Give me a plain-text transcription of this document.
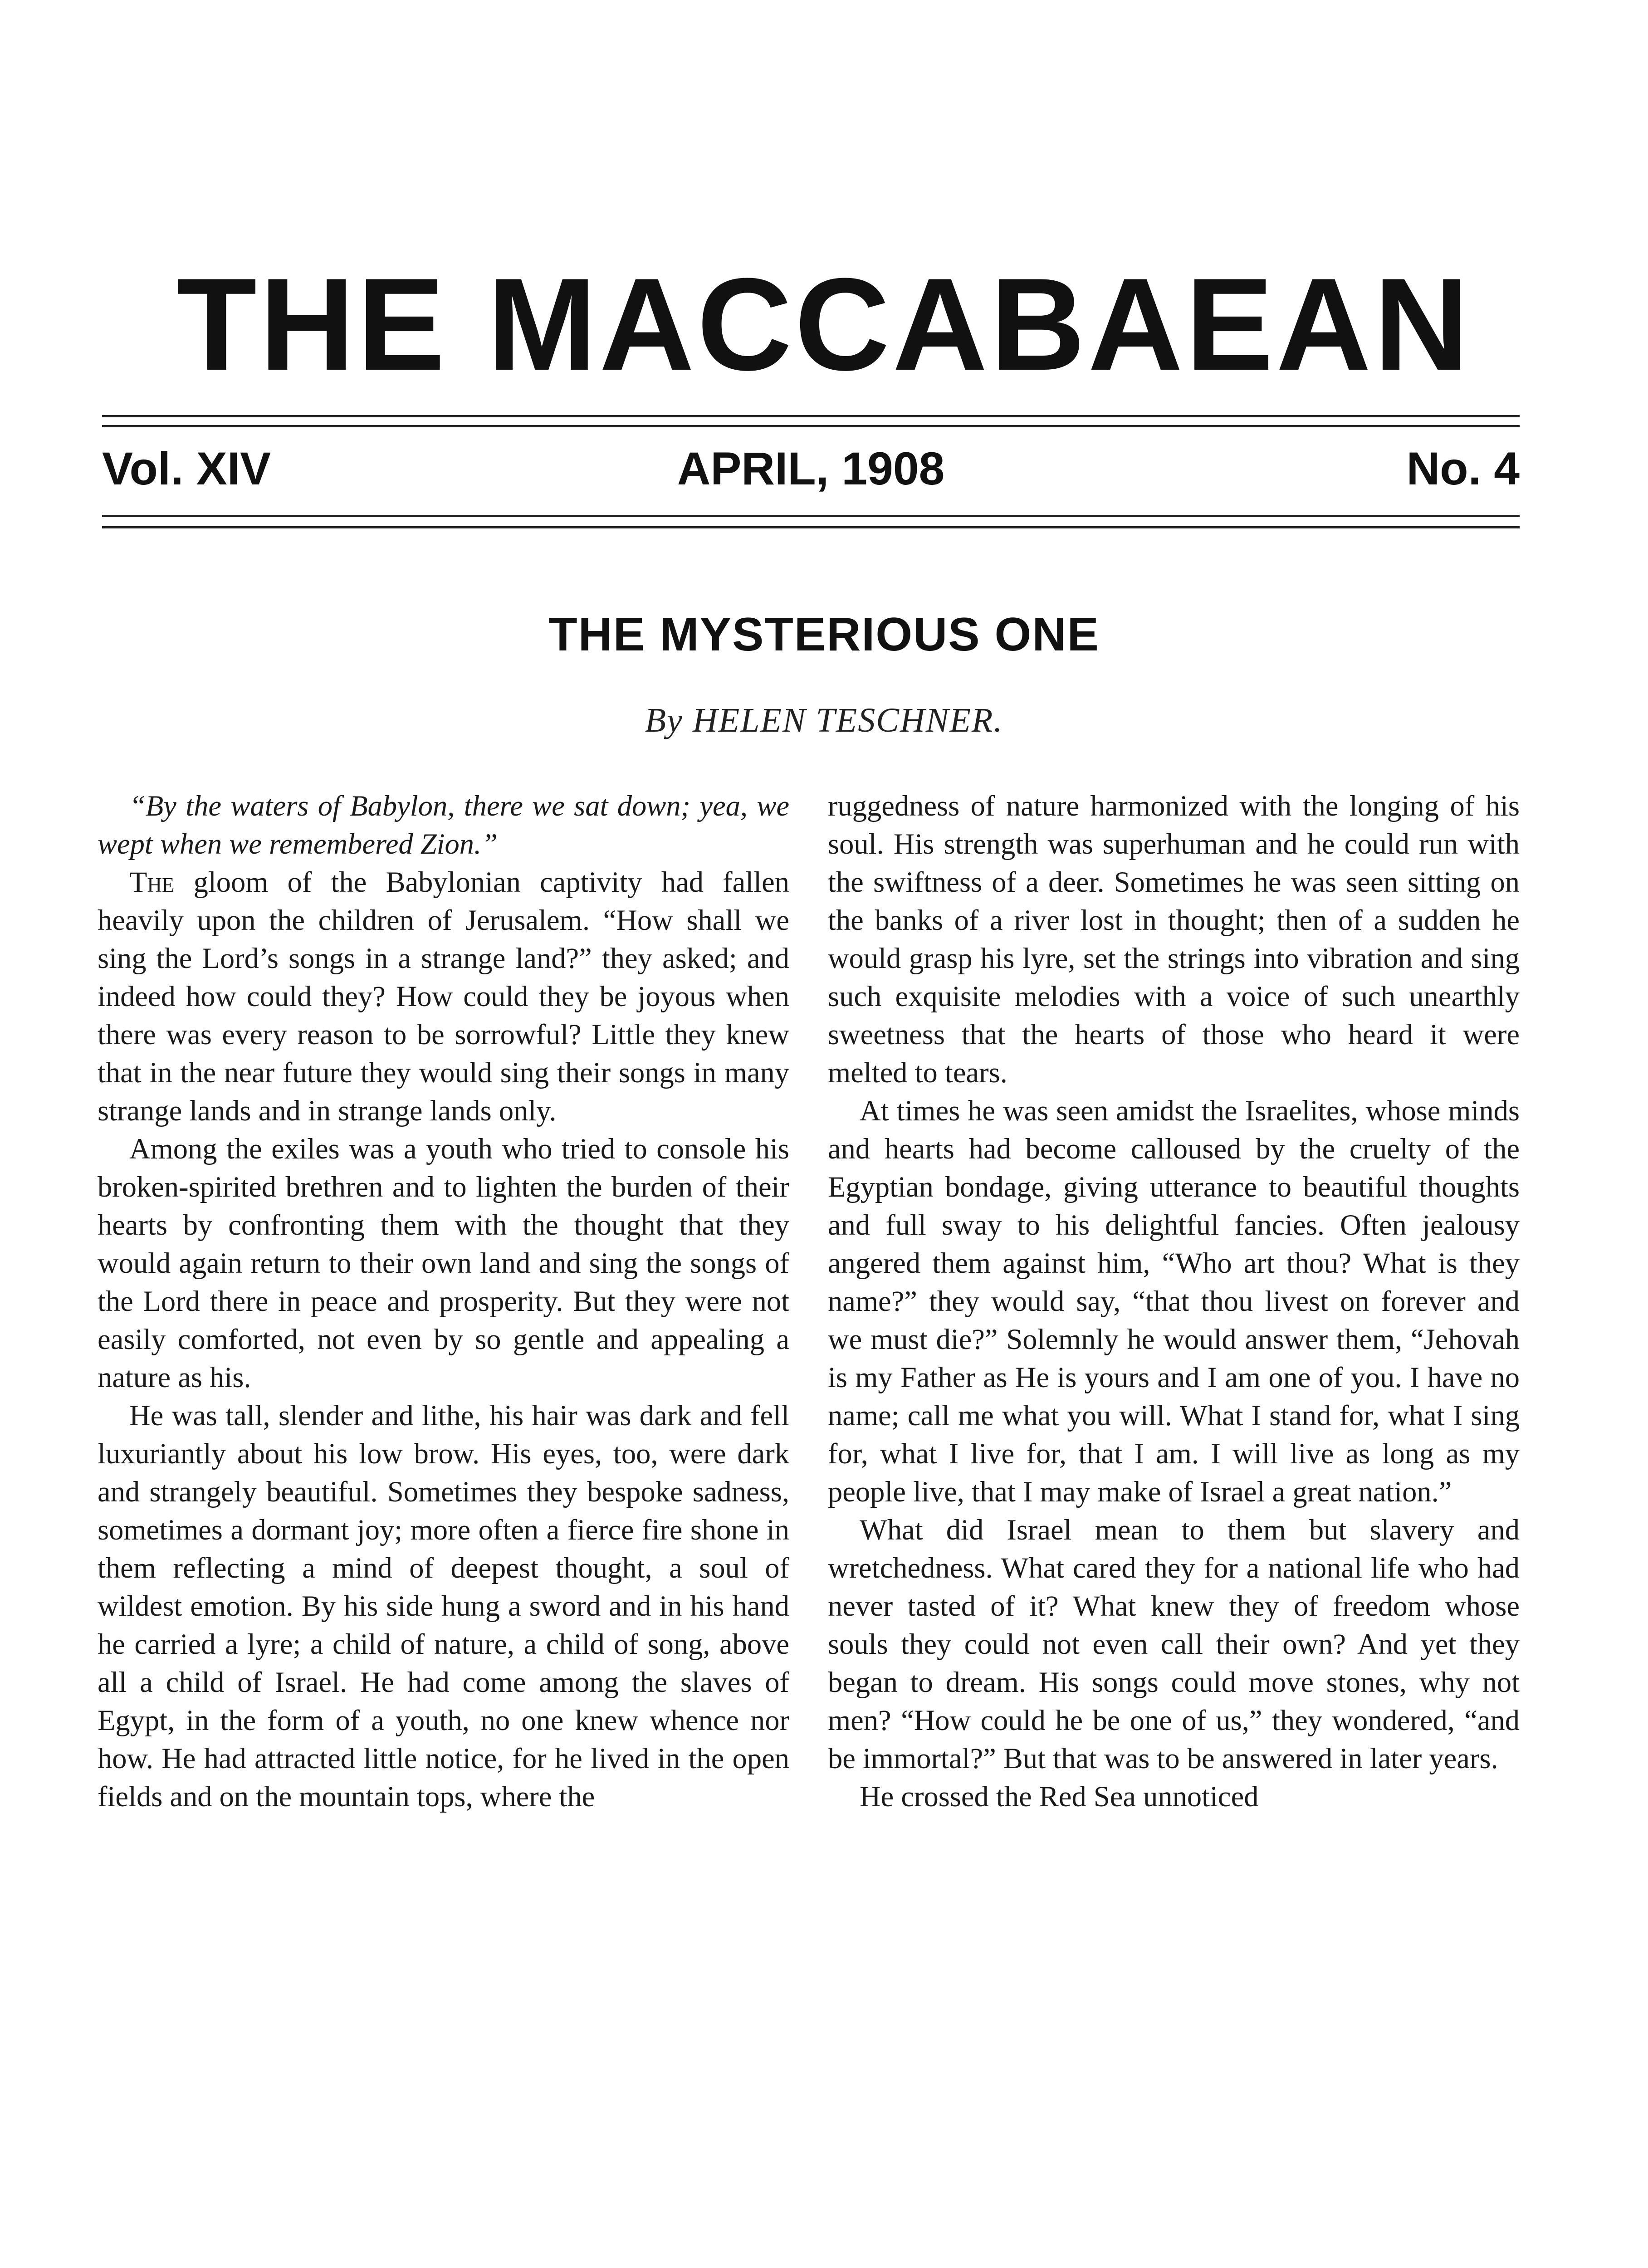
THE MACCABAEAN
Vol. XIV	APRIL, 1908	No. 4
THE MYSTERIOUS ONE
By HELEN TESCHNER.

“By the waters of Babylon, there we sat down; yea, we wept when we remembered Zion.”

The gloom of the Babylonian captivity had fallen heavily upon the children of Jerusalem. “How shall we sing the Lord’s songs in a strange land?” they asked; and indeed how could they? How could they be joyous when there was every reason to be sorrowful? Little they knew that in the near future they would sing their songs in many strange lands and in strange lands only.

Among the exiles was a youth who tried to console his broken-spirited brethren and to lighten the burden of their hearts by confronting them with the thought that they would again return to their own land and sing the songs of the Lord there in peace and prosperity. But they were not easily comforted, not even by so gentle and appealing a nature as his.

He was tall, slender and lithe, his hair was dark and fell luxuriantly about his low brow. His eyes, too, were dark and strangely beautiful. Sometimes they bespoke sadness, sometimes a dormant joy; more often a fierce fire shone in them reflecting a mind of deepest thought, a soul of wildest emotion. By his side hung a sword and in his hand he carried a lyre; a child of nature, a child of song, above all a child of Israel. He had come among the slaves of Egypt, in the form of a youth, no one knew whence nor how. He had attracted little notice, for he lived in the open fields and on the mountain tops, where the

ruggedness of nature harmonized with the longing of his soul. His strength was superhuman and he could run with the swiftness of a deer. Sometimes he was seen sitting on the banks of a river lost in thought; then of a sudden he would grasp his lyre, set the strings into vibration and sing such exquisite melodies with a voice of such unearthly sweetness that the hearts of those who heard it were melted to tears.

At times he was seen amidst the Israelites, whose minds and hearts had become calloused by the cruelty of the Egyptian bondage, giving utterance to beautiful thoughts and full sway to his delightful fancies. Often jealousy angered them against him, “Who art thou? What is they name?” they would say, “that thou livest on forever and we must die?” Solemnly he would answer them, “Jehovah is my Father as He is yours and I am one of you. I have no name; call me what you will. What I stand for, what I sing for, what I live for, that I am. I will live as long as my people live, that I may make of Israel a great nation.”

What did Israel mean to them but slavery and wretchedness. What cared they for a national life who had never tasted of it? What knew they of freedom whose souls they could not even call their own? And yet they began to dream. His songs could move stones, why not men? “How could he be one of us,” they wondered, “and be immortal?” But that was to be answered in later years.

He crossed the Red Sea unnoticed
